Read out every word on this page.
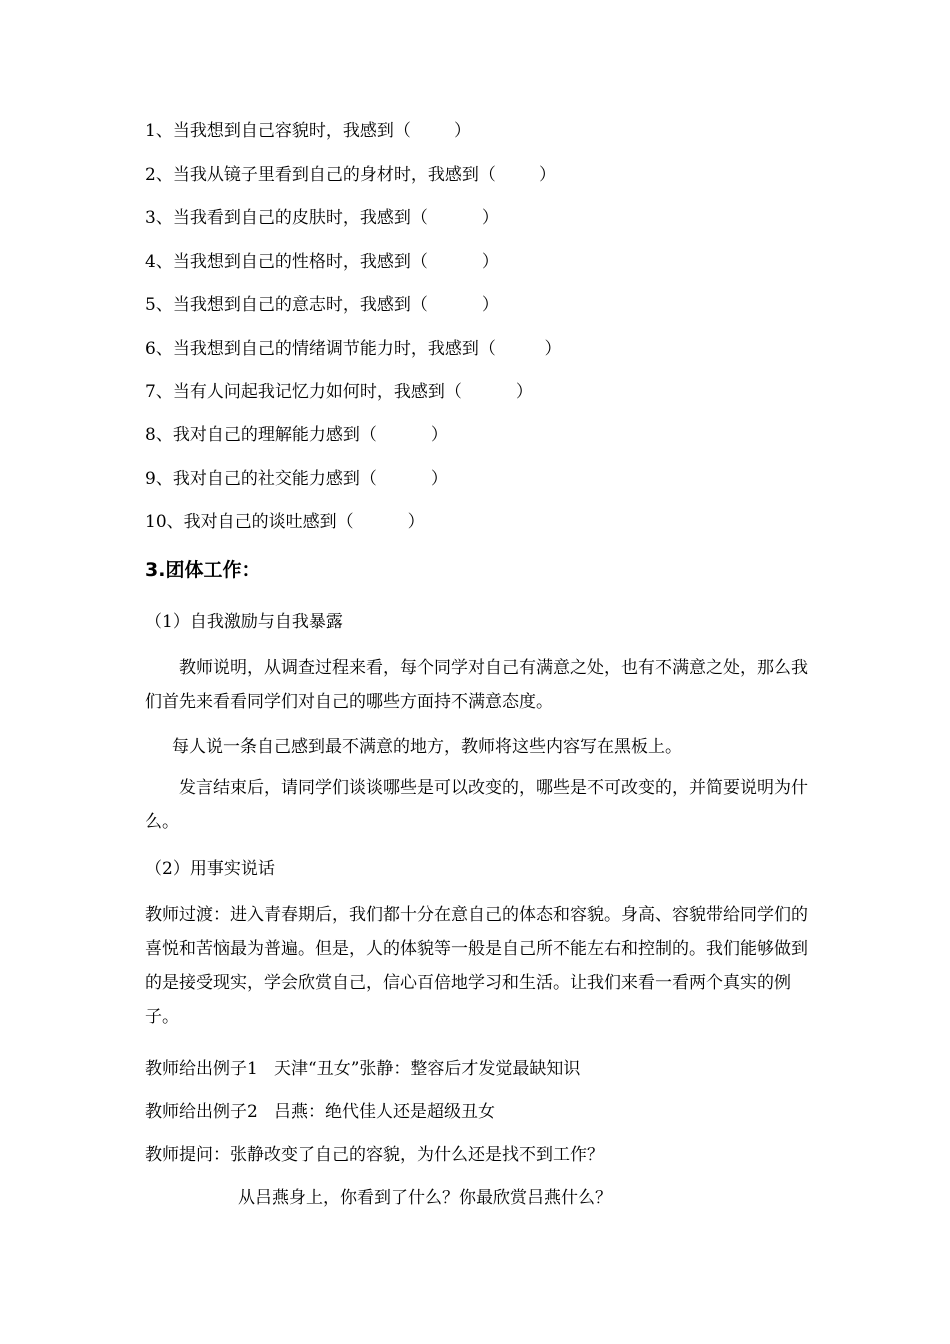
1、当我想到自己容貌时，我感到（        ）
2、当我从镜子里看到自己的身材时，我感到（        ）
3、当我看到自己的皮肤时，我感到（          ）
4、当我想到自己的性格时，我感到（          ）
5、当我想到自己的意志时，我感到（          ）
6、当我想到自己的情绪调节能力时，我感到（         ）
7、当有人问起我记忆力如何时，我感到（          ）
8、我对自己的理解能力感到（          ）
9、我对自己的社交能力感到（          ）
10、我对自己的谈吐感到（          ）
3.团体工作：
（1）自我激励与自我暴露
教师说明，从调查过程来看，每个同学对自己有满意之处，也有不满意之处，那么我们首先来看看同学们对自己的哪些方面持不满意态度。
每人说一条自己感到最不满意的地方，教师将这些内容写在黑板上。
发言结束后，请同学们谈谈哪些是可以改变的，哪些是不可改变的，并简要说明为什么。
（2）用事实说话
教师过渡：进入青春期后，我们都十分在意自己的体态和容貌。身高、容貌带给同学们的喜悦和苦恼最为普遍。但是，人的体貌等一般是自己所不能左右和控制的。我们能够做到的是接受现实，学会欣赏自己，信心百倍地学习和生活。让我们来看一看两个真实的例子。
教师给出例子1   天津“丑女”张静：整容后才发觉最缺知识
教师给出例子2   吕燕：绝代佳人还是超级丑女
教师提问：张静改变了自己的容貌，为什么还是找不到工作？
从吕燕身上，你看到了什么？你最欣赏吕燕什么？
